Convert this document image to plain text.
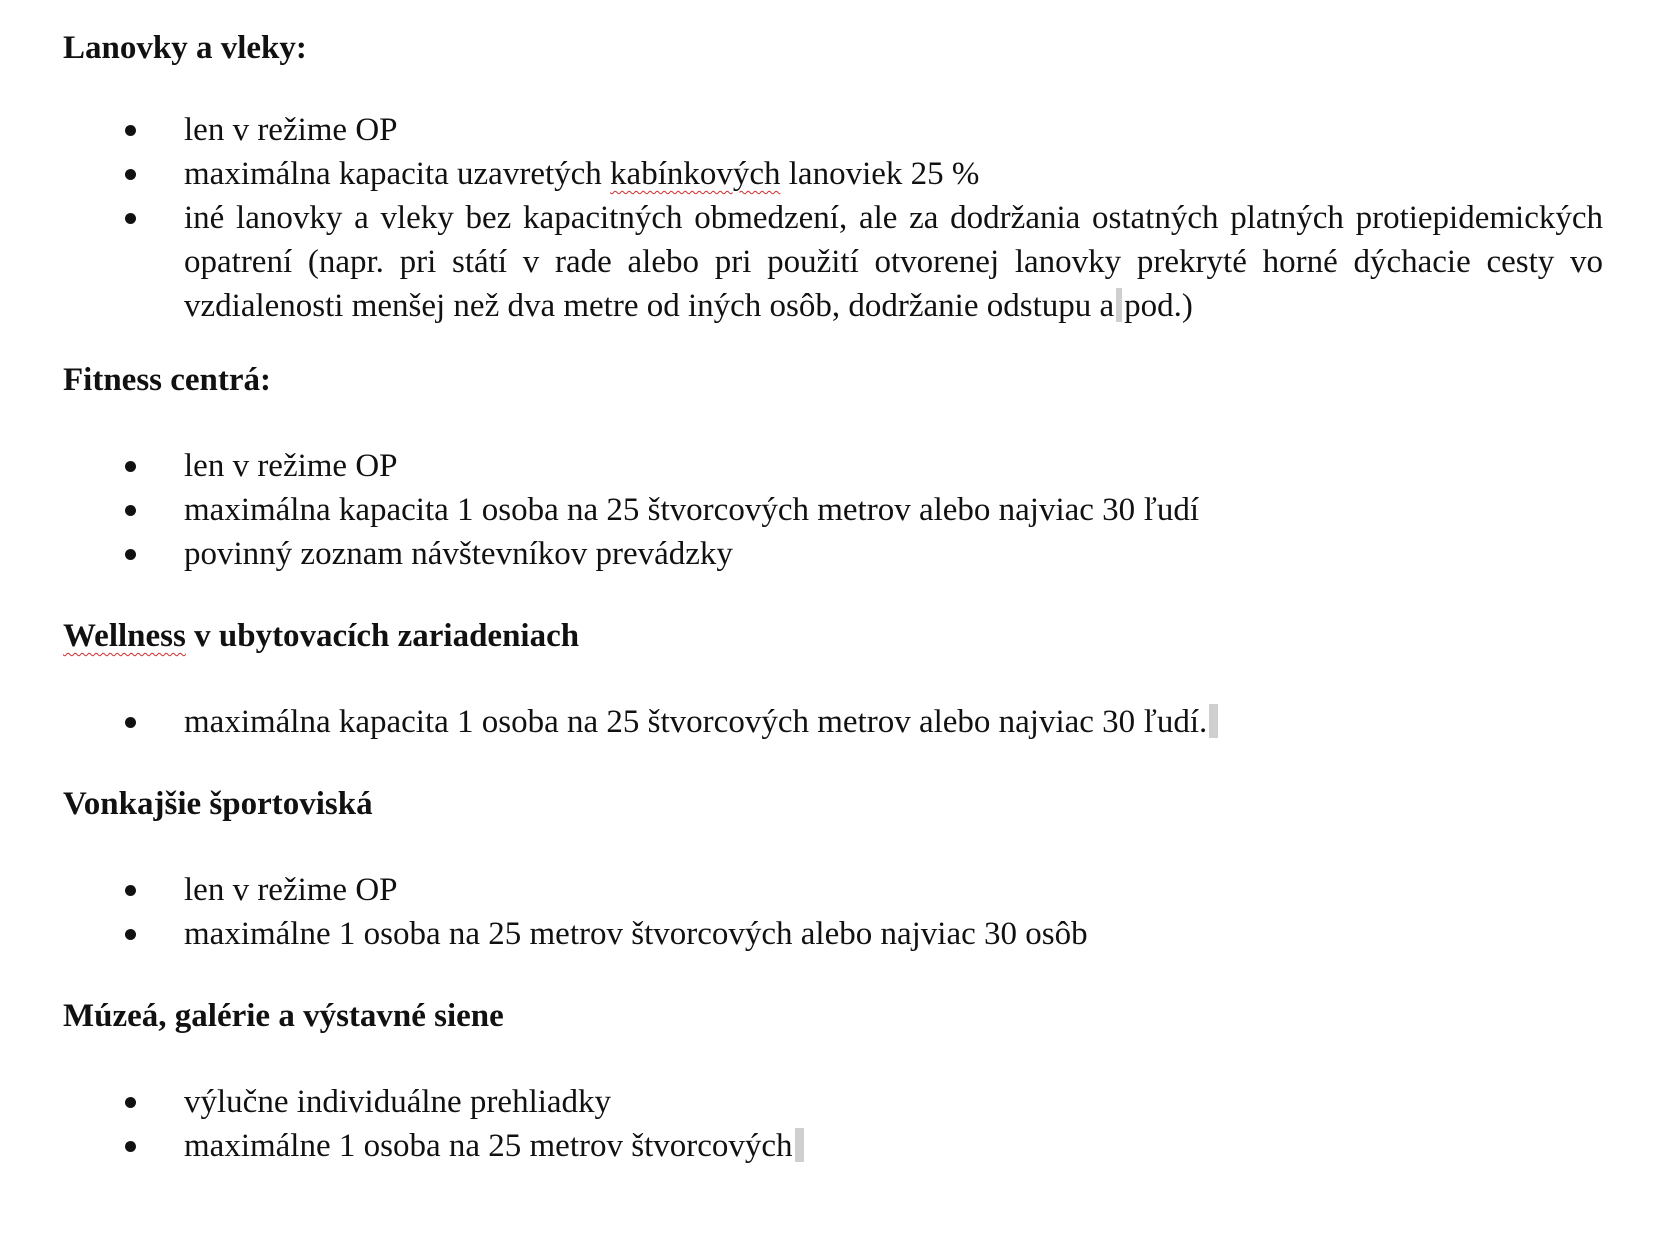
Lanovky a vleky:

len v režime OP
maximálna kapacita uzavretých kabínkových lanoviek 25 %
iné lanovky a vleky bez kapacitných obmedzení, ale za dodržania ostatných platných protiepidemických opatrení (napr. pri státí v rade alebo pri použití otvorenej lanovky prekryté horné dýchacie cesty vo vzdialenosti menšej než dva metre od iných osôb, dodržanie odstupu a pod.)

Fitness centrá:

len v režime OP
maximálna kapacita 1 osoba na 25 štvorcových metrov alebo najviac 30 ľudí
povinný zoznam návštevníkov prevádzky

Wellness v ubytovacích zariadeniach

maximálna kapacita 1 osoba na 25 štvorcových metrov alebo najviac 30 ľudí.

Vonkajšie športoviská

len v režime OP
maximálne 1 osoba na 25 metrov štvorcových alebo najviac 30 osôb

Múzeá, galérie a výstavné siene

výlučne individuálne prehliadky
maximálne 1 osoba na 25 metrov štvorcových
